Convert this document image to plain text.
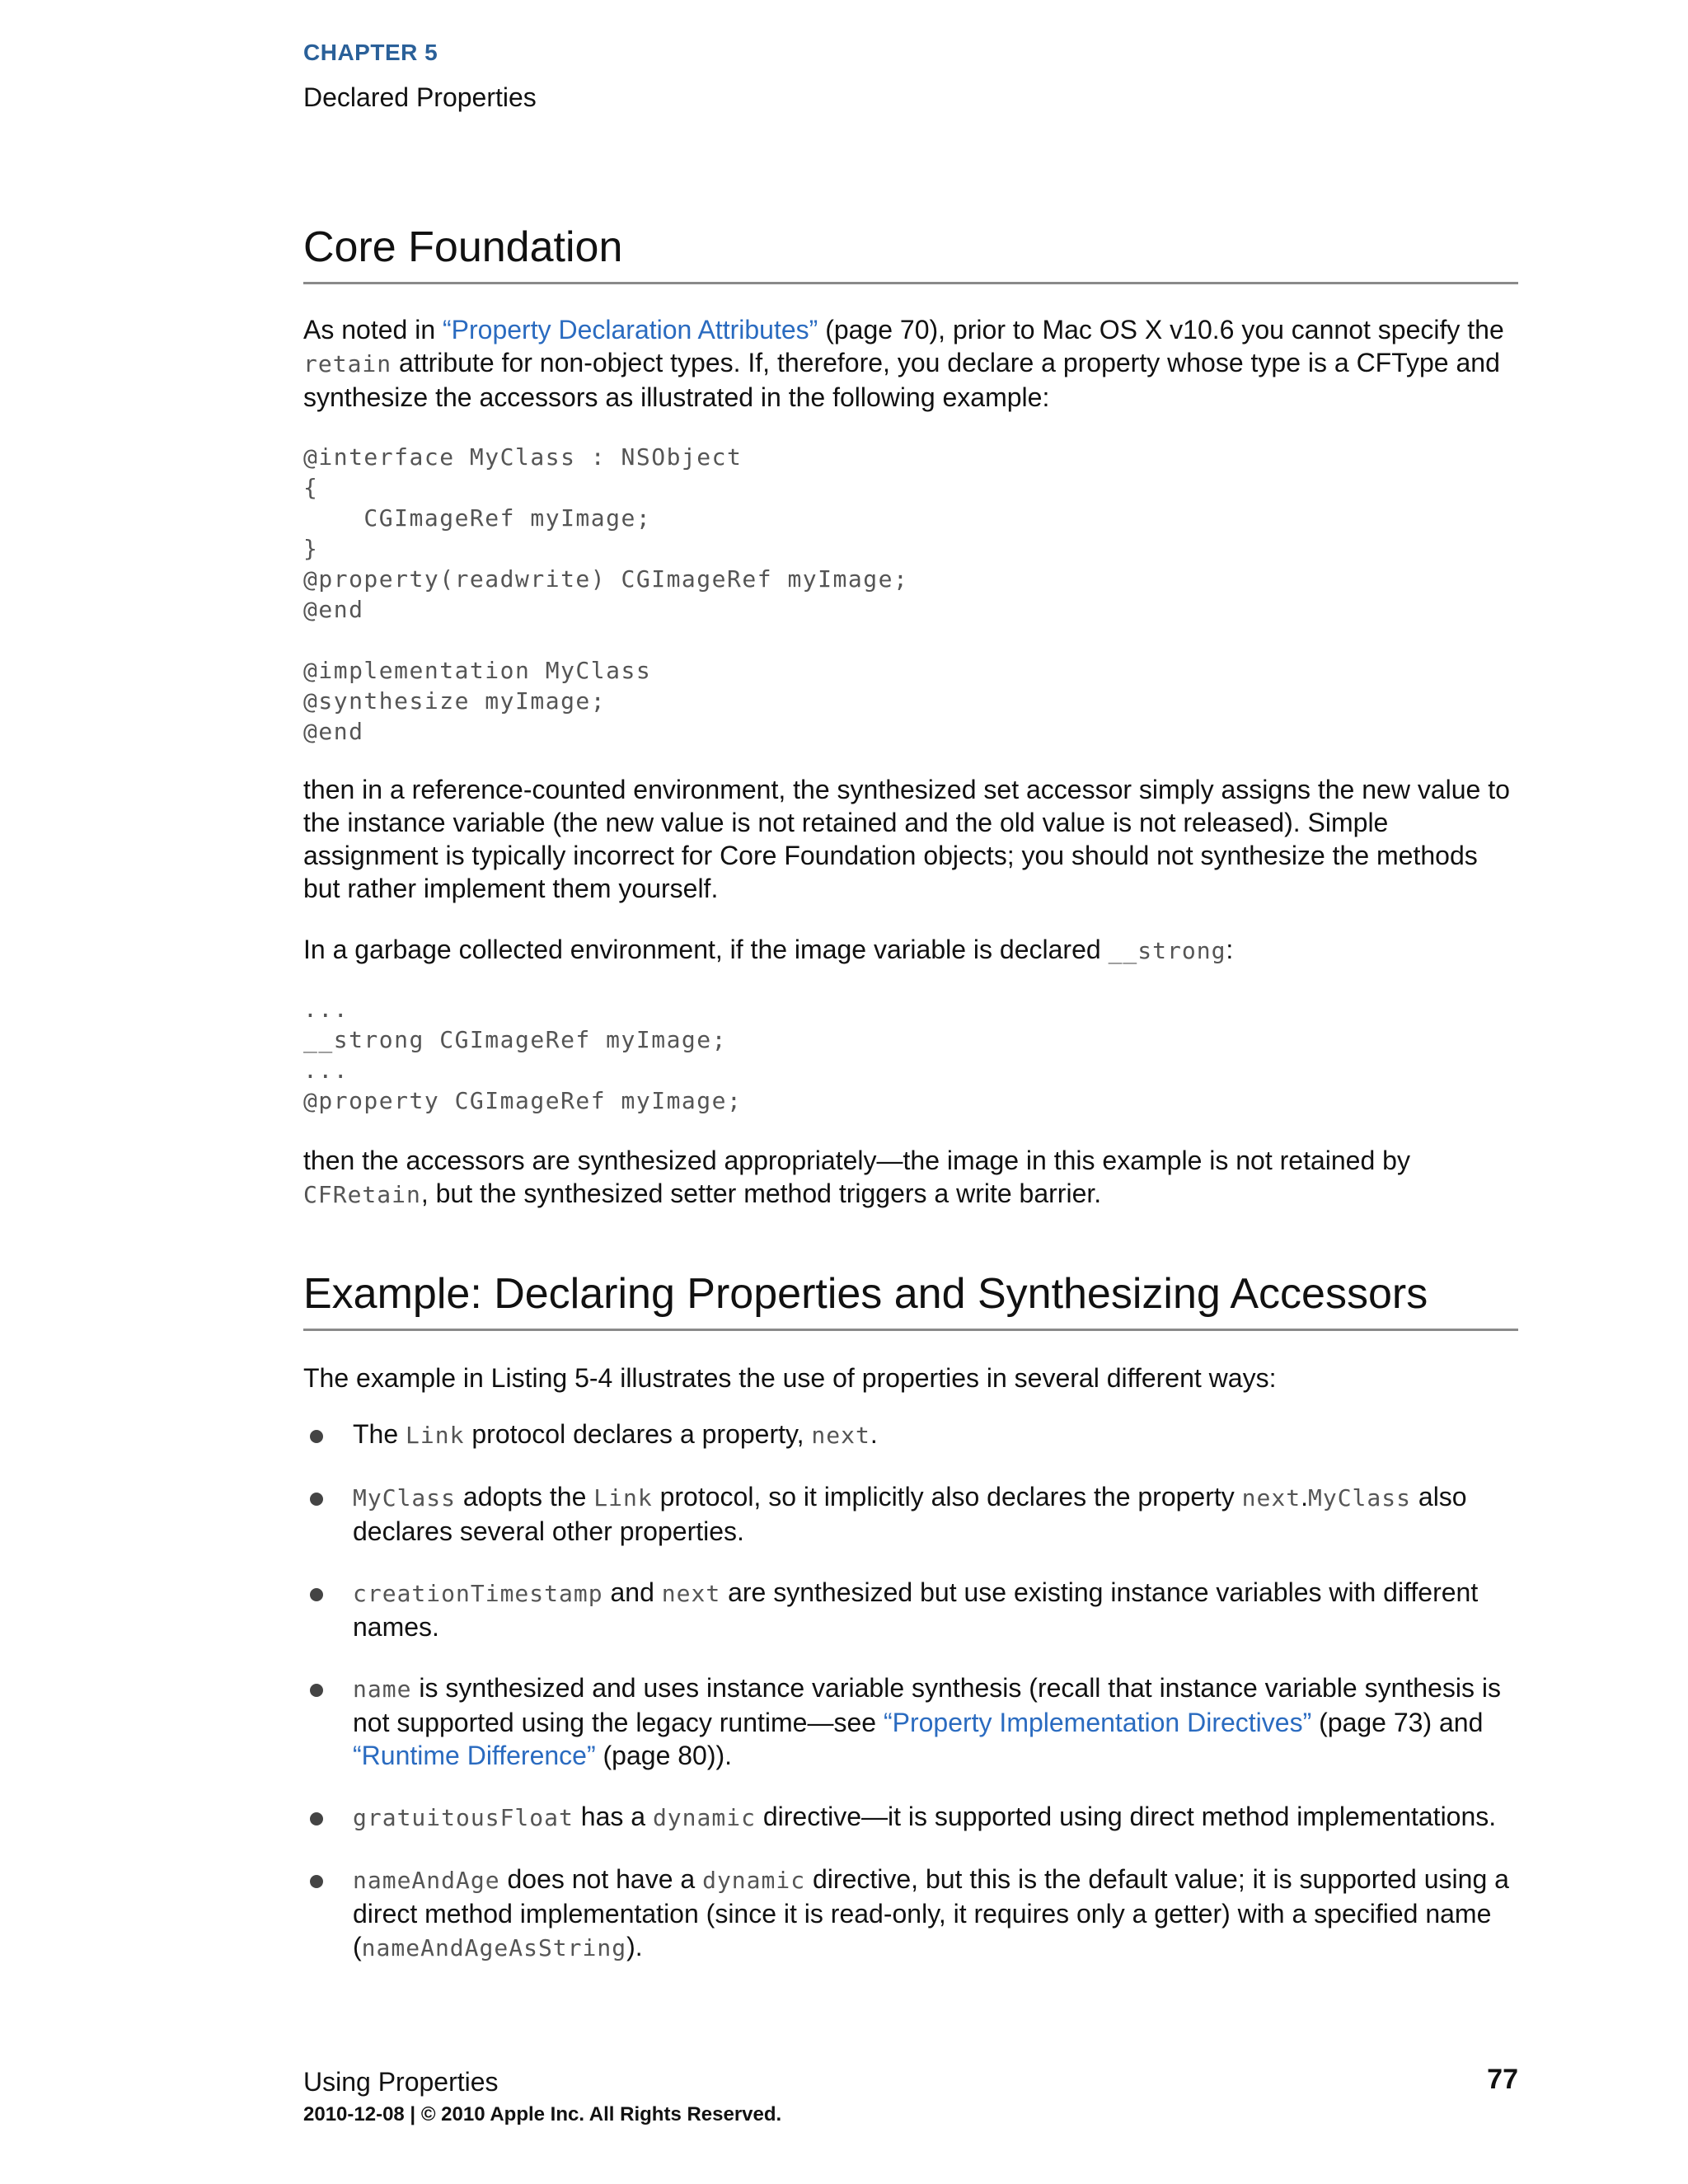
CHAPTER 5
Declared Properties
Core Foundation

As noted in “Property Declaration Attributes” (page 70), prior to Mac OS X v10.6 you cannot specify the retain attribute for non-object types. If, therefore, you declare a property whose type is a CFType and synthesize the accessors as illustrated in the following example:

@interface MyClass : NSObject
{
CGImageRef myImage;
}
@property(readwrite) CGImageRef myImage;
@end

@implementation MyClass
@synthesize myImage;
@end

then in a reference-counted environment, the synthesized set accessor simply assigns the new value to the instance variable (the new value is not retained and the old value is not released). Simple assignment is typically incorrect for Core Foundation objects; you should not synthesize the methods but rather implement them yourself.

In a garbage collected environment, if the image variable is declared __strong:

...
__strong CGImageRef myImage;
...
@property CGImageRef myImage;

then the accessors are synthesized appropriately—the image in this example is not retained by CFRetain, but the synthesized setter method triggers a write barrier.

Example: Declaring Properties and Synthesizing Accessors

The example in Listing 5-4 illustrates the use of properties in several different ways:

The Link protocol declares a property, next.
MyClass adopts the Link protocol, so it implicitly also declares the property next.MyClass also declares several other properties.
creationTimestamp and next are synthesized but use existing instance variables with different names.
name is synthesized and uses instance variable synthesis (recall that instance variable synthesis is not supported using the legacy runtime—see “Property Implementation Directives” (page 73) and “Runtime Difference” (page 80)).
gratuitousFloat has a dynamic directive—it is supported using direct method implementations.
nameAndAge does not have a dynamic directive, but this is the default value; it is supported using a direct method implementation (since it is read-only, it requires only a getter) with a specified name (nameAndAgeAsString).
Using Properties	77
2010-12-08 | © 2010 Apple Inc. All Rights Reserved.
